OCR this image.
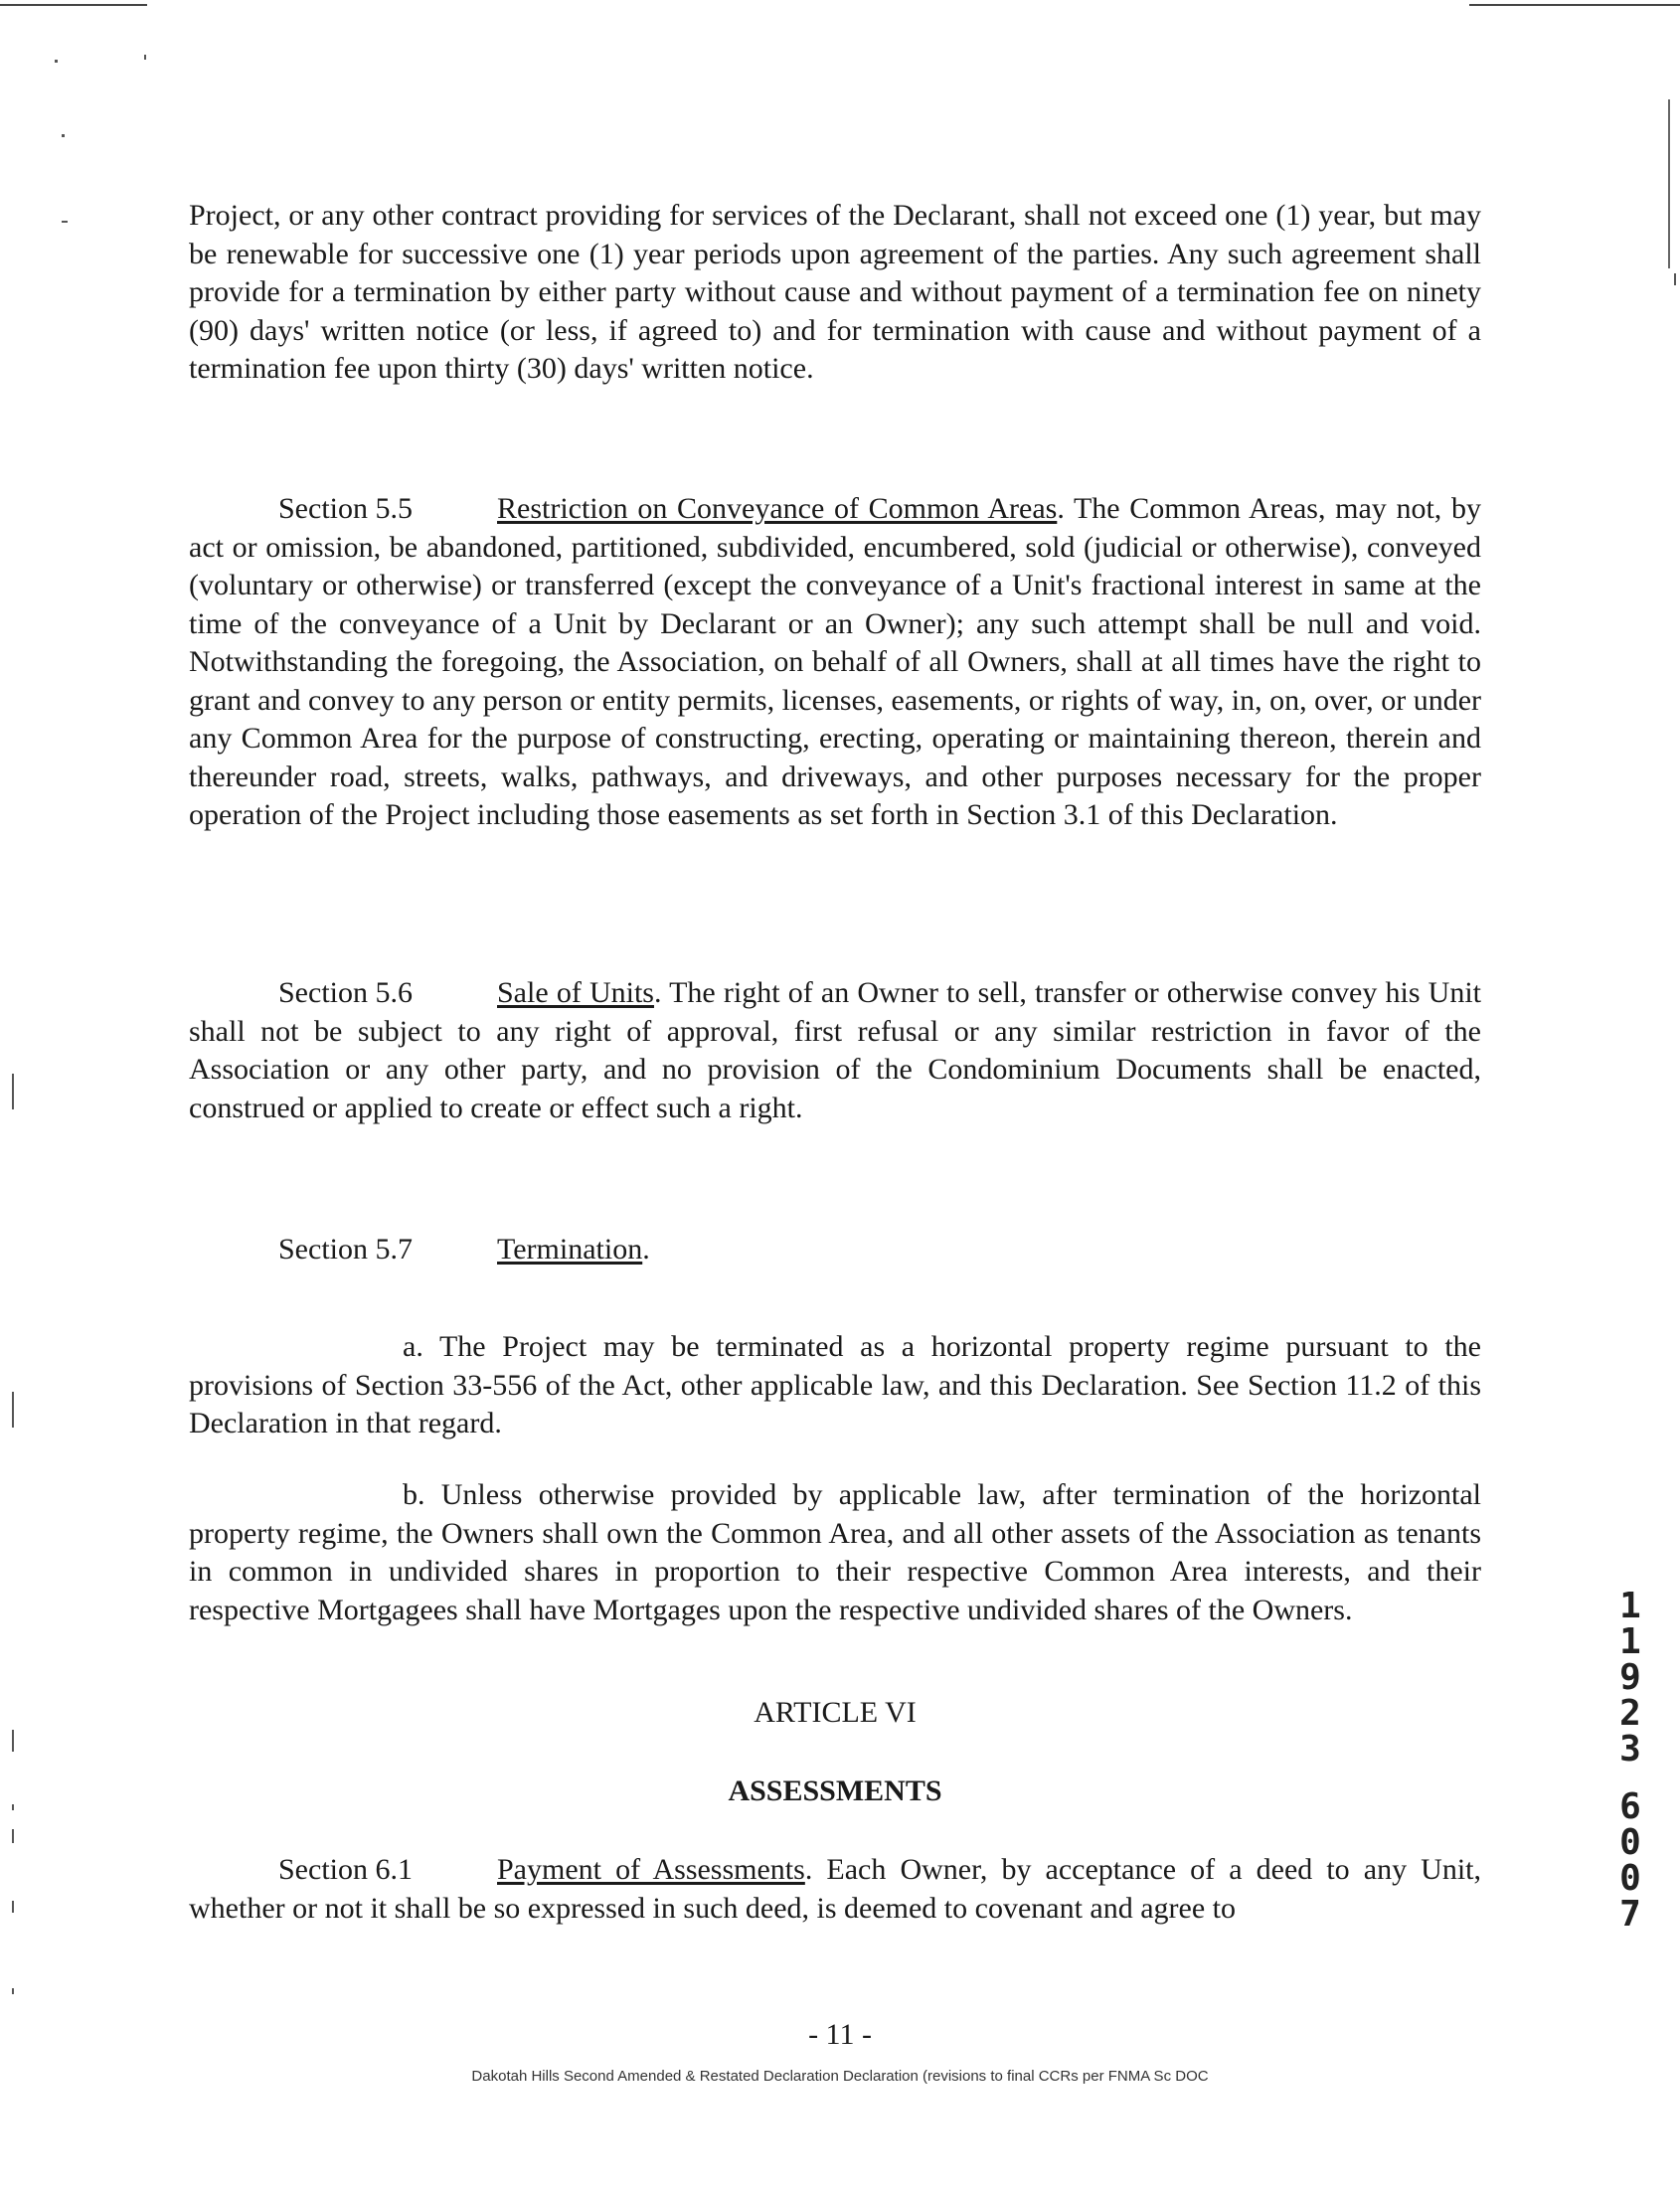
Project, or any other contract providing for services of the Declarant, shall not exceed one (1) year, but may be renewable for successive one (1) year periods upon agreement of the parties. Any such agreement shall provide for a termination by either party without cause and without payment of a termination fee on ninety (90) days' written notice (or less, if agreed to) and for termination with cause and without payment of a termination fee upon thirty (30) days' written notice.

Section 5.5	Restriction on Conveyance of Common Areas. The Common Areas, may not, by act or omission, be abandoned, partitioned, subdivided, encumbered, sold (judicial or otherwise), conveyed (voluntary or otherwise) or transferred (except the conveyance of a Unit's fractional interest in same at the time of the conveyance of a Unit by Declarant or an Owner); any such attempt shall be null and void. Notwithstanding the foregoing, the Association, on behalf of all Owners, shall at all times have the right to grant and convey to any person or entity permits, licenses, easements, or rights of way, in, on, over, or under any Common Area for the purpose of constructing, erecting, operating or maintaining thereon, therein and thereunder road, streets, walks, pathways, and driveways, and other purposes necessary for the proper operation of the Project including those easements as set forth in Section 3.1 of this Declaration.

Section 5.6	Sale of Units. The right of an Owner to sell, transfer or otherwise convey his Unit shall not be subject to any right of approval, first refusal or any similar restriction in favor of the Association or any other party, and no provision of the Condominium Documents shall be enacted, construed or applied to create or effect such a right.

Section 5.7	Termination.

a. The Project may be terminated as a horizontal property regime pursuant to the provisions of Section 33-556 of the Act, other applicable law, and this Declaration. See Section 11.2 of this Declaration in that regard.

b. Unless otherwise provided by applicable law, after termination of the horizontal property regime, the Owners shall own the Common Area, and all other assets of the Association as tenants in common in undivided shares in proportion to their respective Common Area interests, and their respective Mortgagees shall have Mortgages upon the respective undivided shares of the Owners.

ARTICLE VI

ASSESSMENTS

Section 6.1	Payment of Assessments. Each Owner, by acceptance of a deed to any Unit, whether or not it shall be so expressed in such deed, is deemed to covenant and agree to

- 11 -
Dakotah Hills Second Amended & Restated Declaration Declaration (revisions to final CCRs per FNMA Sc DOC
1
1
9
2
3
6
0
0
7
